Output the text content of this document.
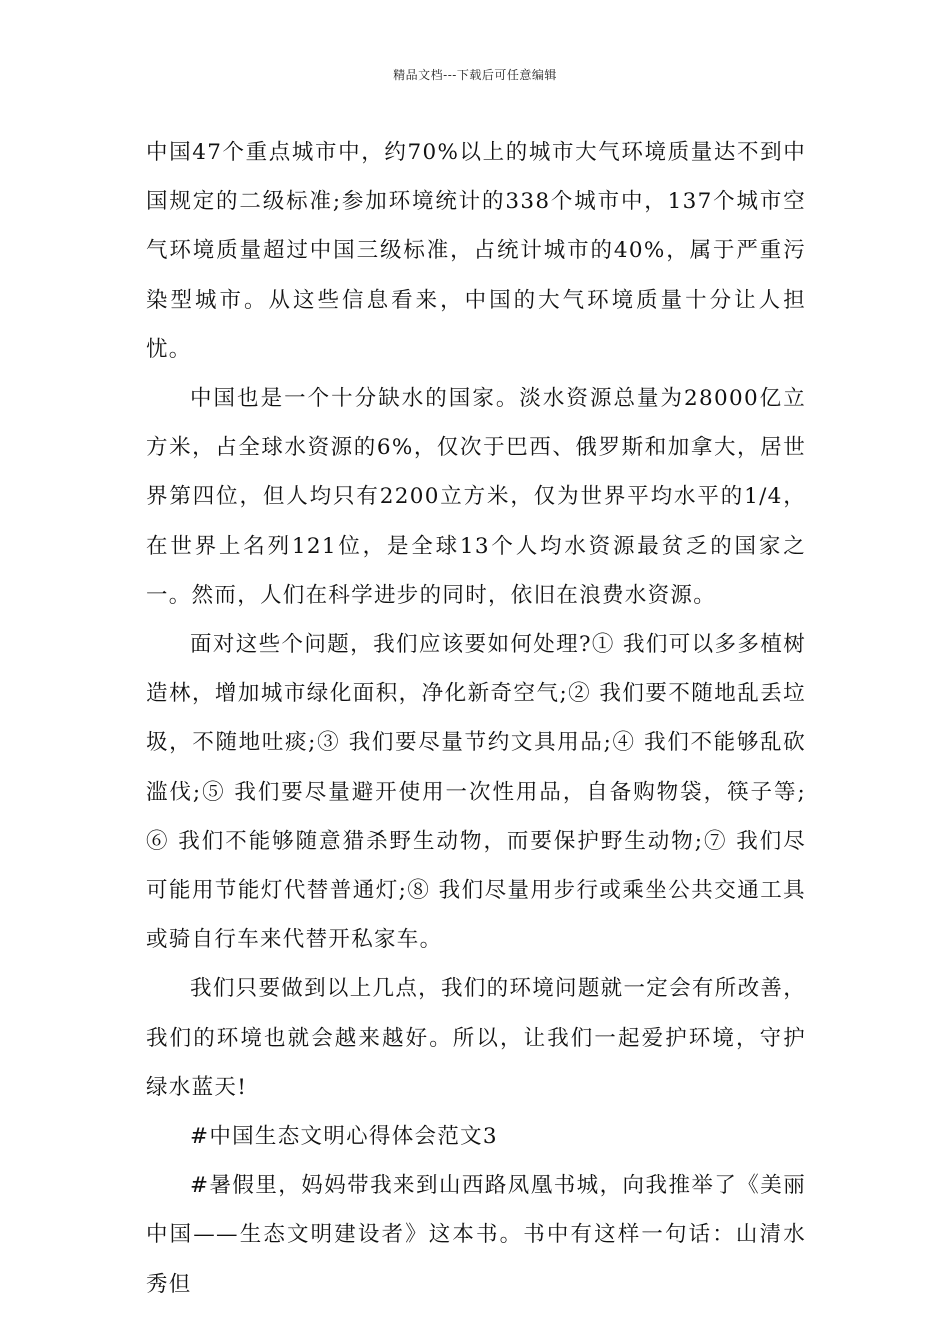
精品文档---下载后可任意编辑

中国47个重点城市中，约70%以上的城市大气环境质量达不到中国规定的二级标准;参加环境统计的338个城市中，137个城市空气环境质量超过中国三级标准，占统计城市的40%，属于严重污染型城市。从这些信息看来，中国的大气环境质量十分让人担忧。

中国也是一个十分缺水的国家。淡水资源总量为28000亿立方米，占全球水资源的6%，仅次于巴西、俄罗斯和加拿大，居世界第四位，但人均只有2200立方米，仅为世界平均水平的1/4，在世界上名列121位，是全球13个人均水资源最贫乏的国家之一。然而，人们在科学进步的同时，依旧在浪费水资源。

面对这些个问题，我们应该要如何处理?① 我们可以多多植树造林，增加城市绿化面积，净化新奇空气;② 我们要不随地乱丢垃圾，不随地吐痰;③ 我们要尽量节约文具用品;④ 我们不能够乱砍滥伐;⑤ 我们要尽量避开使用一次性用品，自备购物袋，筷子等;⑥ 我们不能够随意猎杀野生动物，而要保护野生动物;⑦ 我们尽可能用节能灯代替普通灯;⑧ 我们尽量用步行或乘坐公共交通工具或骑自行车来代替开私家车。

我们只要做到以上几点，我们的环境问题就一定会有所改善，我们的环境也就会越来越好。所以，让我们一起爱护环境，守护绿水蓝天!

#中国生态文明心得体会范文3

#暑假里，妈妈带我来到山西路凤凰书城，向我推举了《美丽中国——生态文明建设者》这本书。书中有这样一句话：山清水秀但
